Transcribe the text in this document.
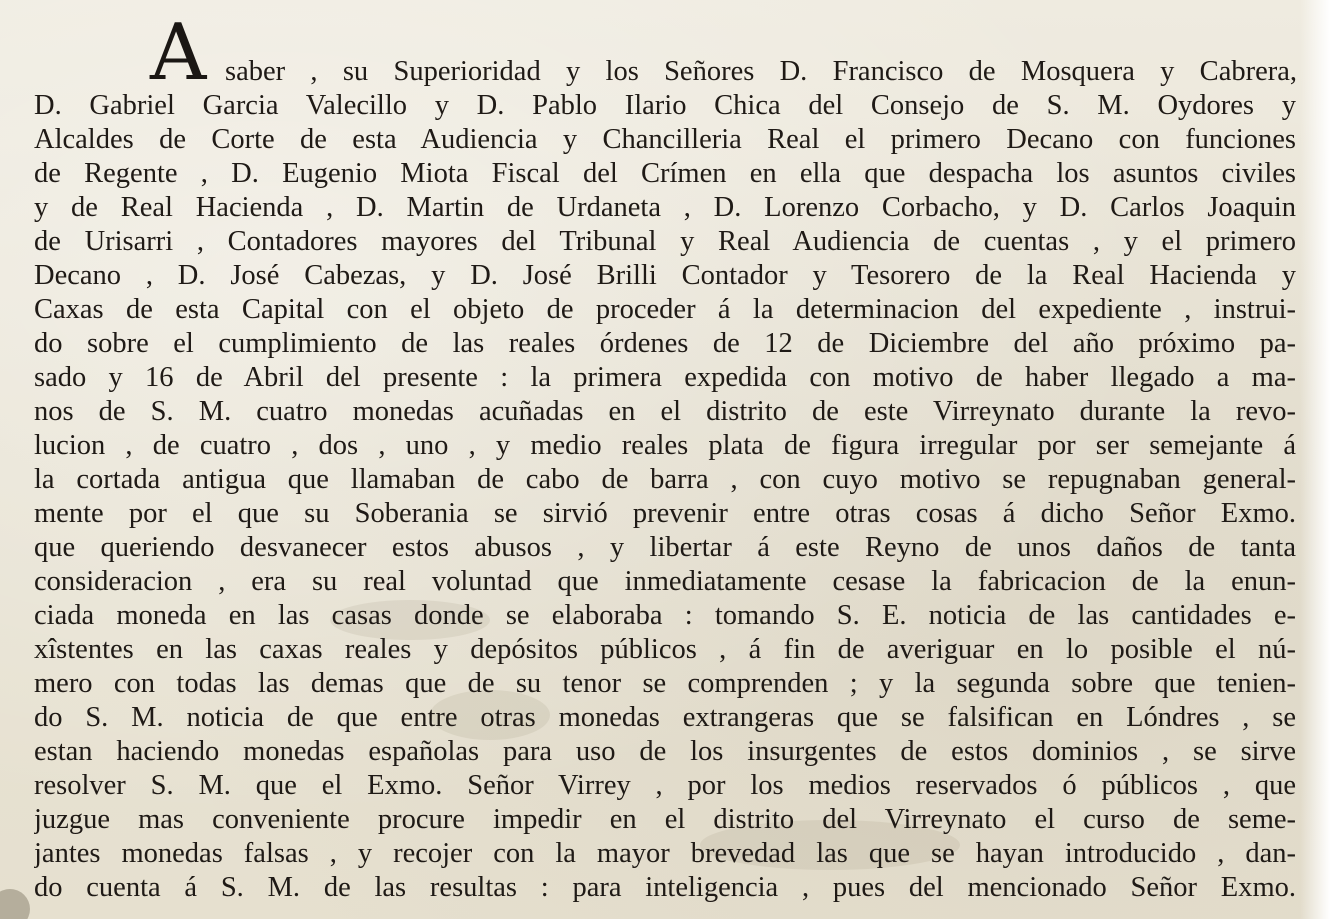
A saber , su Superioridad y los Señores D. Francisco de Mosquera y Cabrera,
D. Gabriel Garcia Valecillo y D. Pablo Ilario Chica del Consejo de S. M. Oydores y
Alcaldes de Corte de esta Audiencia y Chancilleria Real el primero Decano con funciones
de Regente , D. Eugenio Miota Fiscal del Crímen en ella que despacha los asuntos civiles
y de Real Hacienda , D. Martin de Urdaneta , D. Lorenzo Corbacho, y D. Carlos Joaquin
de Urisarri , Contadores mayores del Tribunal y Real Audiencia de cuentas , y el primero
Decano , D. José Cabezas, y D. José Brilli Contador y Tesorero de la Real Hacienda y
Caxas de esta Capital con el objeto de proceder á la determinacion del expediente , instrui-
do sobre el cumplimiento de las reales órdenes de 12 de Diciembre del año próximo pa-
sado y 16 de Abril del presente : la primera expedida con motivo de haber llegado a ma-
nos de S. M. cuatro monedas acuñadas en el distrito de este Virreynato durante la revo-
lucion , de cuatro , dos , uno , y medio reales plata de figura irregular por ser semejante á
la cortada antigua que llamaban de cabo de barra , con cuyo motivo se repugnaban general-
mente por el que su Soberania se sirvió prevenir entre otras cosas á dicho Señor Exmo.
que queriendo desvanecer estos abusos , y libertar á este Reyno de unos daños de tanta
consideracion , era su real voluntad que inmediatamente cesase la fabricacion de la enun-
ciada moneda en las casas donde se elaboraba : tomando S. E. noticia de las cantidades e-
xîstentes en las caxas reales y depósitos públicos , á fin de averiguar en lo posible el nú-
mero con todas las demas que de su tenor se comprenden ; y la segunda sobre que tenien-
do S. M. noticia de que entre otras monedas extrangeras que se falsifican en Lóndres , se
estan haciendo monedas españolas para uso de los insurgentes de estos dominios , se sirve
resolver S. M. que el Exmo. Señor Virrey , por los medios reservados ó públicos , que
juzgue mas conveniente procure impedir en el distrito del Virreynato el curso de seme-
jantes monedas falsas , y recojer con la mayor brevedad las que se hayan introducido , dan-
do cuenta á S. M. de las resultas : para inteligencia , pues del mencionado Señor Exmo.
